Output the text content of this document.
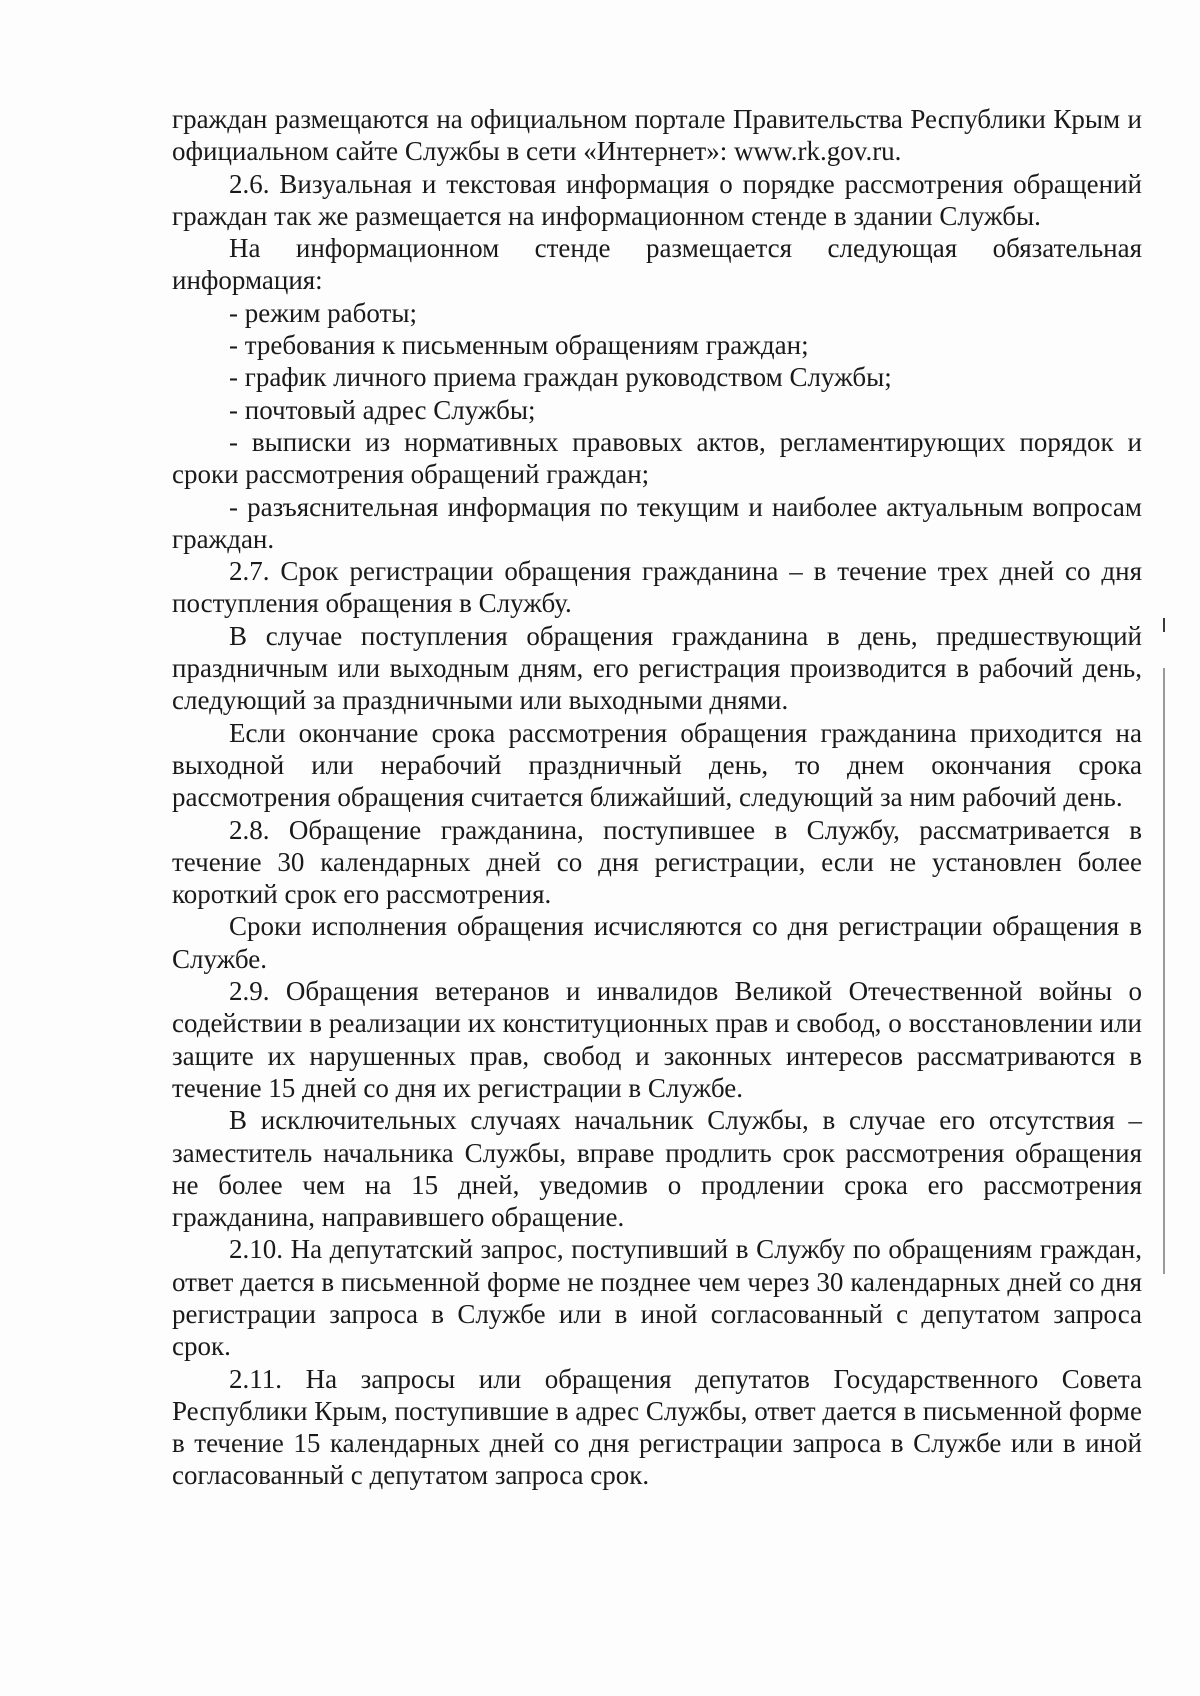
граждан размещаются на официальном портале Правительства Республики Крым и официальном сайте Службы в сети «Интернет»: www.rk.gov.ru.

2.6. Визуальная и текстовая информация о порядке рассмотрения обращений граждан так же размещается на информационном стенде в здании Службы.

На информационном стенде размещается следующая обязательная информация:

- режим работы;

- требования к письменным обращениям граждан;

- график личного приема граждан руководством Службы;

- почтовый адрес Службы;

- выписки из нормативных правовых актов, регламентирующих порядок и сроки рассмотрения обращений граждан;

- разъяснительная информация по текущим и наиболее актуальным вопросам граждан.

2.7. Срок регистрации обращения гражданина – в течение трех дней со дня поступления обращения в Службу.

В случае поступления обращения гражданина в день, предшествующий праздничным или выходным дням, его регистрация производится в рабочий день, следующий за праздничными или выходными днями.

Если окончание срока рассмотрения обращения гражданина приходится на выходной или нерабочий праздничный день, то днем окончания срока рассмотрения обращения считается ближайший, следующий за ним рабочий день.

2.8. Обращение гражданина, поступившее в Службу, рассматривается в течение 30 календарных дней со дня регистрации, если не установлен более короткий срок его рассмотрения.

Сроки исполнения обращения исчисляются со дня регистрации обращения в Службе.

2.9. Обращения ветеранов и инвалидов Великой Отечественной войны о содействии в реализации их конституционных прав и свобод, о восстановлении или защите их нарушенных прав, свобод и законных интересов рассматриваются в течение 15 дней со дня их регистрации в Службе.

В исключительных случаях начальник Службы, в случае его отсутствия – заместитель начальника Службы, вправе продлить срок рассмотрения обращения не более чем на 15 дней, уведомив о продлении срока его рассмотрения гражданина, направившего обращение.

2.10. На депутатский запрос, поступивший в Службу по обращениям граждан, ответ дается в письменной форме не позднее чем через 30 календарных дней со дня регистрации запроса в Службе или в иной согласованный с депутатом запроса срок.

2.11. На запросы или обращения депутатов Государственного Совета Республики Крым, поступившие в адрес Службы, ответ дается в письменной форме в течение 15 календарных дней со дня регистрации запроса в Службе или в иной согласованный с депутатом запроса срок.
